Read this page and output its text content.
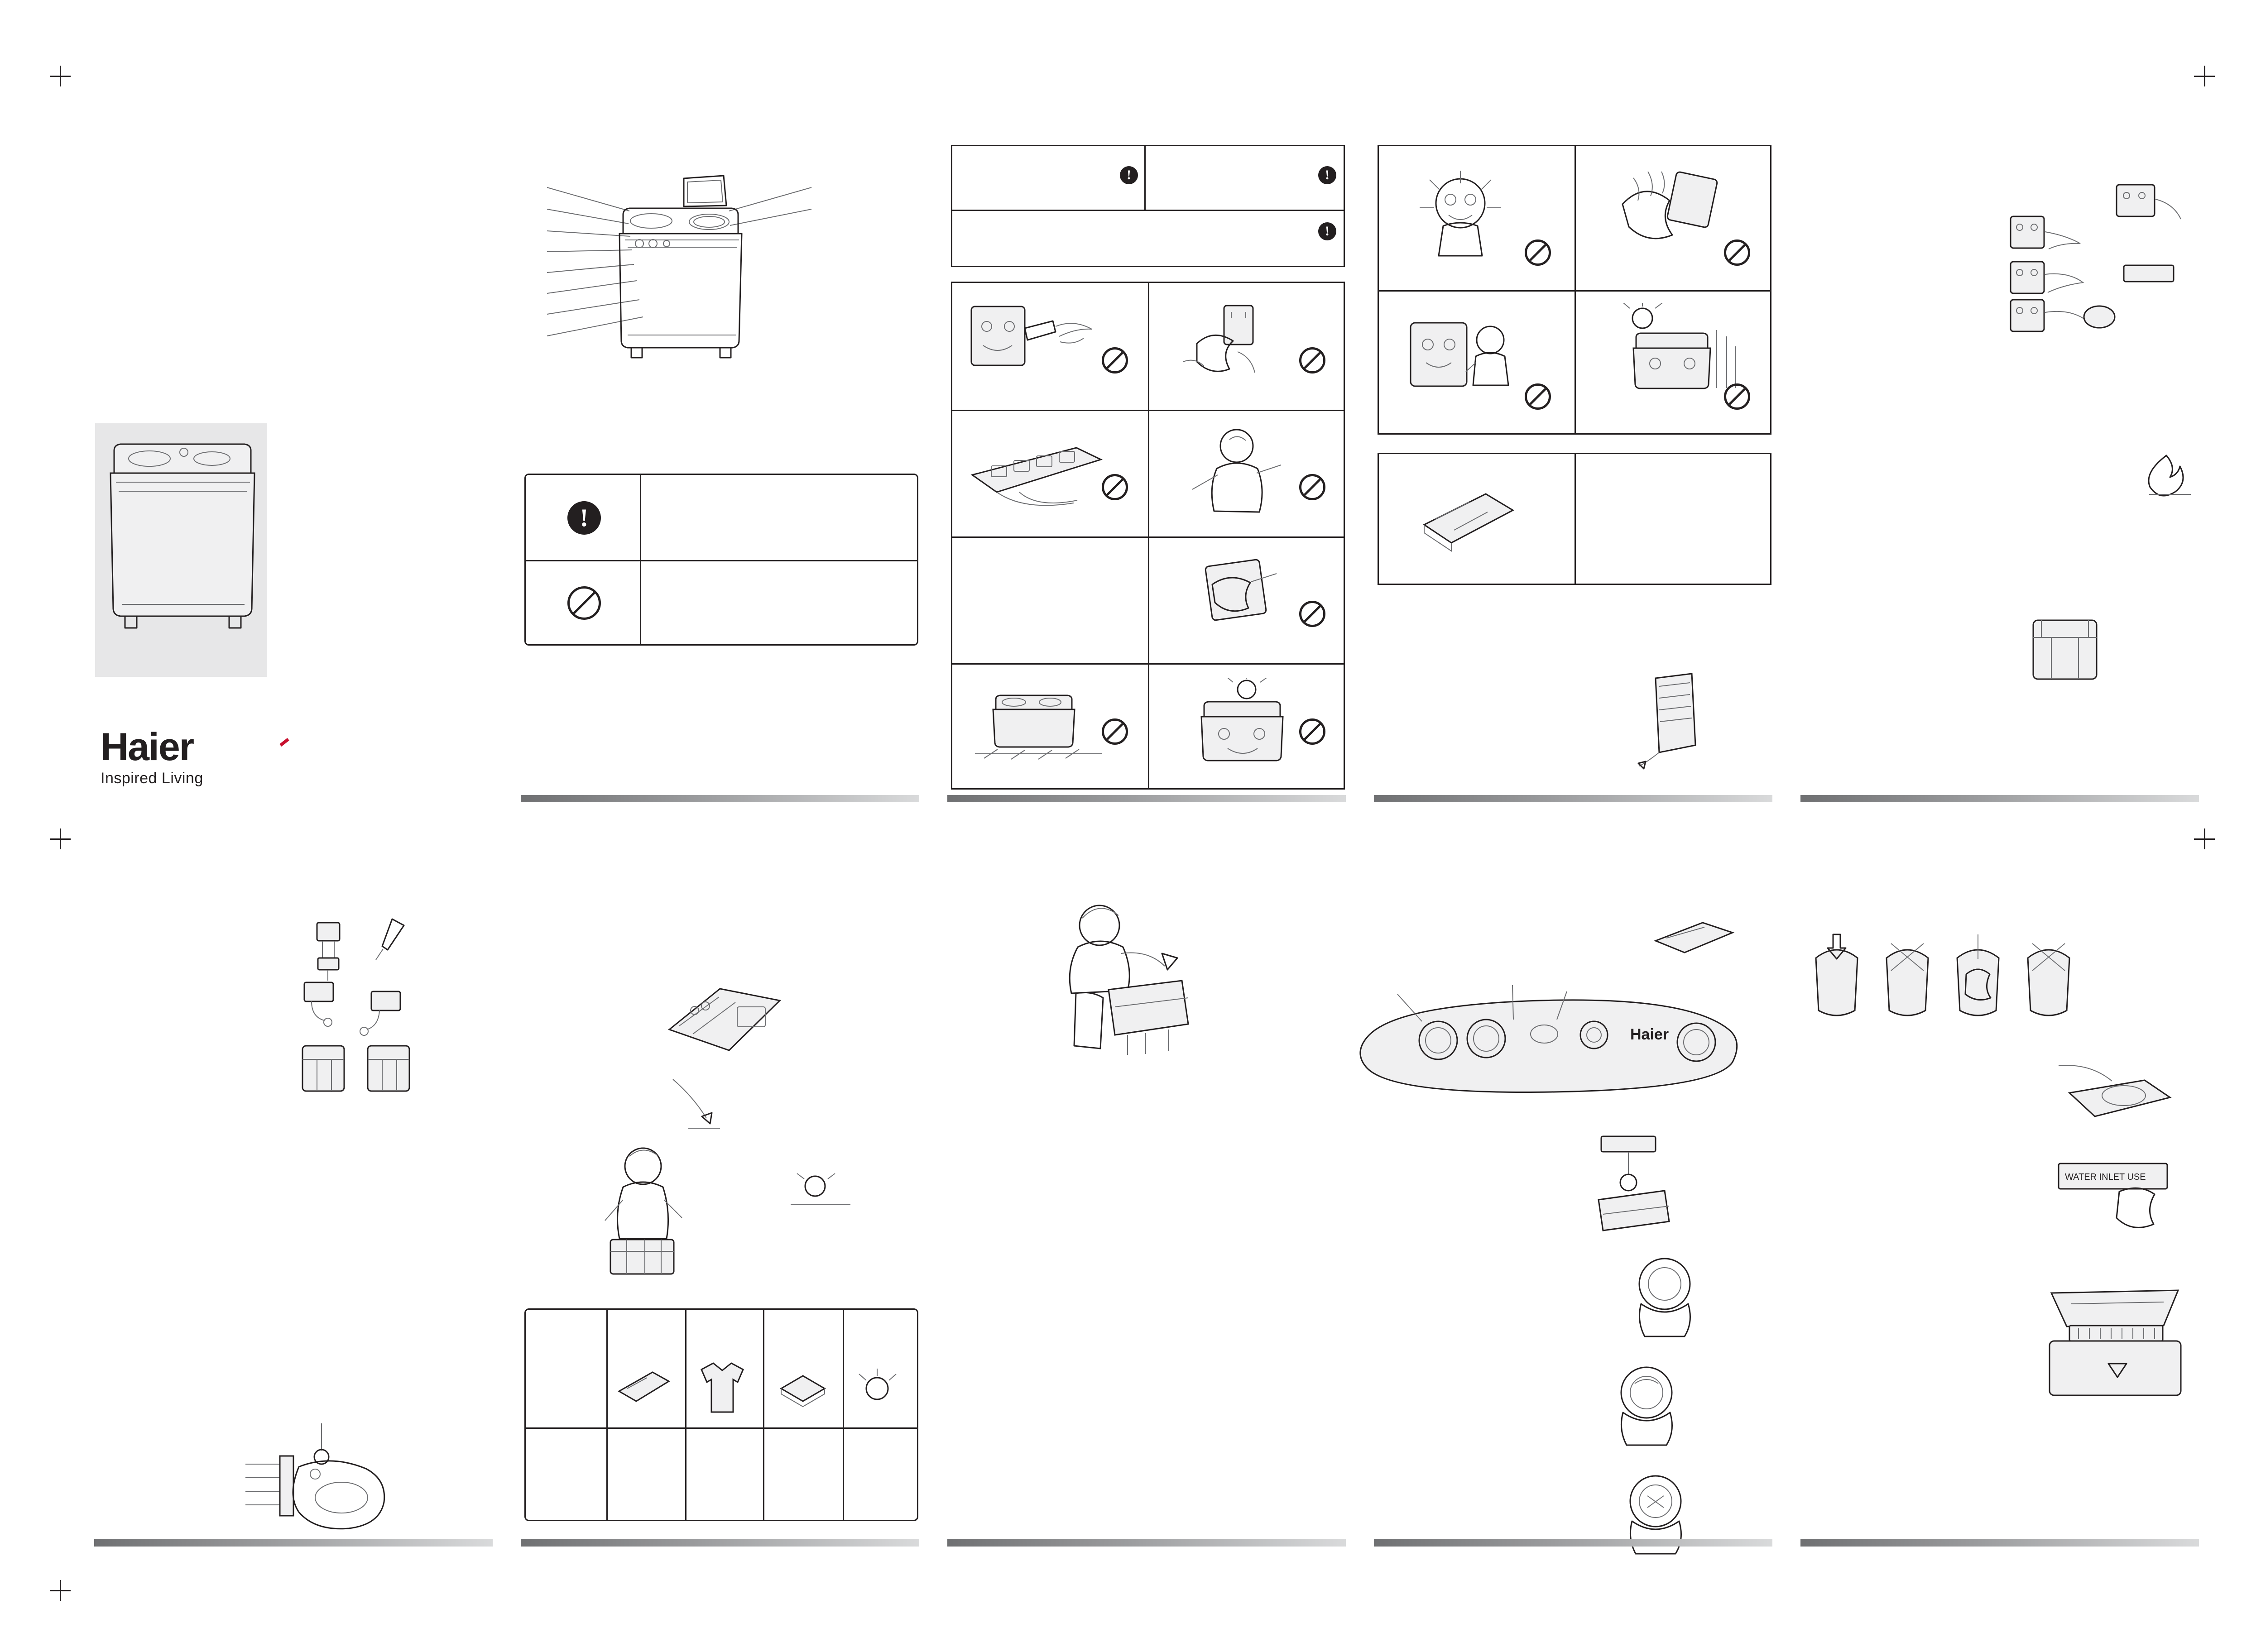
Haier
Inspired Living
!
!	!
!
Haier
WATER INLET USE
